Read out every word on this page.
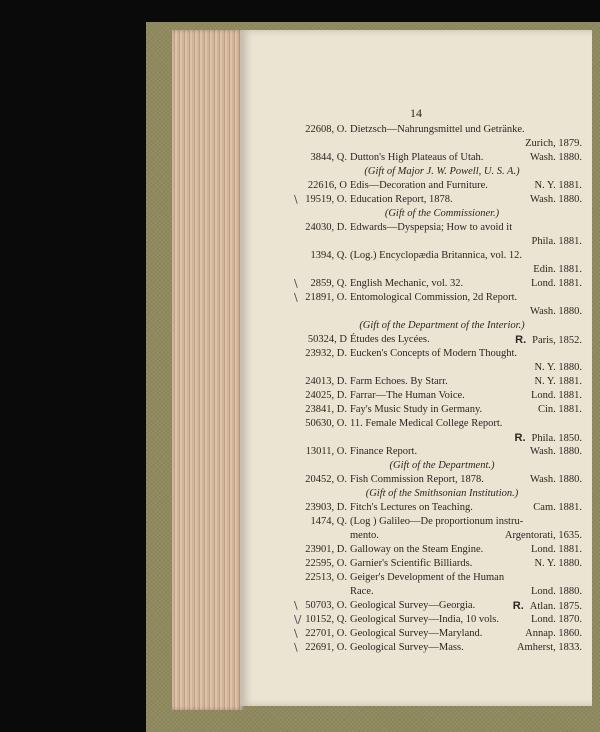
14
22608, O. Dietzsch—Nahrungsmittel und Getränke.
Zurich, 1879.
3844, Q. Dutton's High Plateaus of Utah.	Wash. 1880.
(Gift of Major J. W. Powell, U. S. A.)
22616, O Edis—Decoration and Furniture.	N. Y. 1881.
\ 19519, O. Education Report, 1878.	Wash. 1880.
(Gift of the Commissioner.)
24030, D. Edwards—Dyspepsia; How to avoid it
Phila. 1881.
1394, Q. (Log.) Encyclopædia Britannica, vol. 12.
Edin. 1881.
\ 2859, Q. English Mechanic, vol. 32.	Lond. 1881.
\ 21891, O. Entomological Commission, 2d Report.
Wash. 1880.
(Gift of the Department of the Interior.)
50324, D Études des Lycées.	R. Paris, 1852.
23932, D. Eucken's Concepts of Modern Thought.
N. Y. 1880.
24013, D. Farm Echoes. By Starr.	N. Y. 1881.
24025, D. Farrar—The Human Voice.	Lond. 1881.
23841, D. Fay's Music Study in Germany.	Cin. 1881.
50630, O. 11. Female Medical College Report.
R. Phila. 1850.
13011, O. Finance Report.	Wash. 1880.
(Gift of the Department.)
20452, O. Fish Commission Report, 1878.	Wash. 1880.
(Gift of the Smithsonian Institution.)
23903, D. Fitch's Lectures on Teaching.	Cam. 1881.
1474, Q. (Log ) Galileo—De proportionum instru-
mento.	Argentorati, 1635.
23901, D. Galloway on the Steam Engine.	Lond. 1881.
22595, O. Garnier's Scientific Billiards.	N. Y. 1880.
22513, O. Geiger's Development of the Human
Race.	Lond. 1880.
\ 50703, O. Geological Survey—Georgia.	R. Atlan. 1875.
\/ 10152, Q. Geological Survey—India, 10 vols.	Lond. 1870.
\ 22701, O. Geological Survey—Maryland.	Annap. 1860.
\ 22691, O. Geological Survey—Mass.	Amherst, 1833.
